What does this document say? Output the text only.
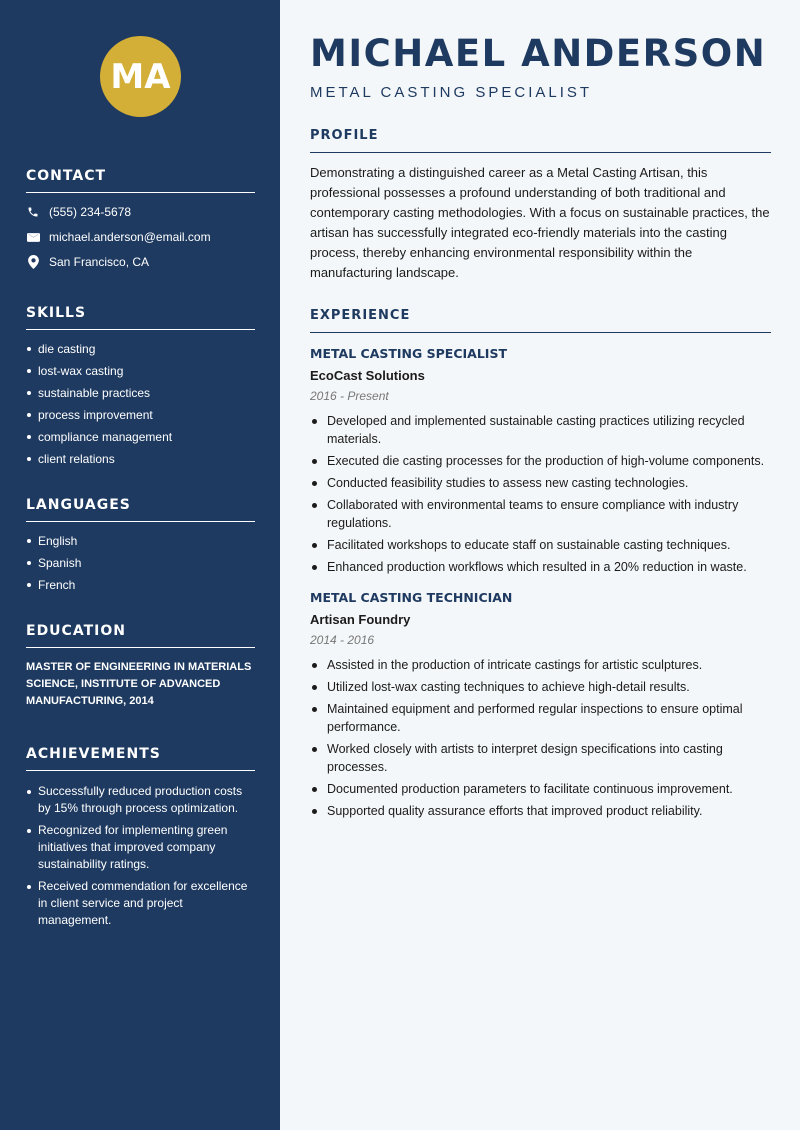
MA
CONTACT
(555) 234-5678
michael.anderson@email.com
San Francisco, CA
SKILLS
die casting
lost-wax casting
sustainable practices
process improvement
compliance management
client relations
LANGUAGES
English
Spanish
French
EDUCATION
MASTER OF ENGINEERING IN MATERIALS SCIENCE, INSTITUTE OF ADVANCED MANUFACTURING, 2014
ACHIEVEMENTS
Successfully reduced production costs by 15% through process optimization.
Recognized for implementing green initiatives that improved company sustainability ratings.
Received commendation for excellence in client service and project management.
MICHAEL ANDERSON
METAL CASTING SPECIALIST
PROFILE

Demonstrating a distinguished career as a Metal Casting Artisan, this professional possesses a profound understanding of both traditional and contemporary casting methodologies. With a focus on sustainable practices, the artisan has successfully integrated eco-friendly materials into the casting process, thereby enhancing environmental responsibility within the manufacturing landscape.

EXPERIENCE
METAL CASTING SPECIALIST
EcoCast Solutions
2016 - Present
Developed and implemented sustainable casting practices utilizing recycled materials.
Executed die casting processes for the production of high-volume components.
Conducted feasibility studies to assess new casting technologies.
Collaborated with environmental teams to ensure compliance with industry regulations.
Facilitated workshops to educate staff on sustainable casting techniques.
Enhanced production workflows which resulted in a 20% reduction in waste.
METAL CASTING TECHNICIAN
Artisan Foundry
2014 - 2016
Assisted in the production of intricate castings for artistic sculptures.
Utilized lost-wax casting techniques to achieve high-detail results.
Maintained equipment and performed regular inspections to ensure optimal performance.
Worked closely with artists to interpret design specifications into casting processes.
Documented production parameters to facilitate continuous improvement.
Supported quality assurance efforts that improved product reliability.
